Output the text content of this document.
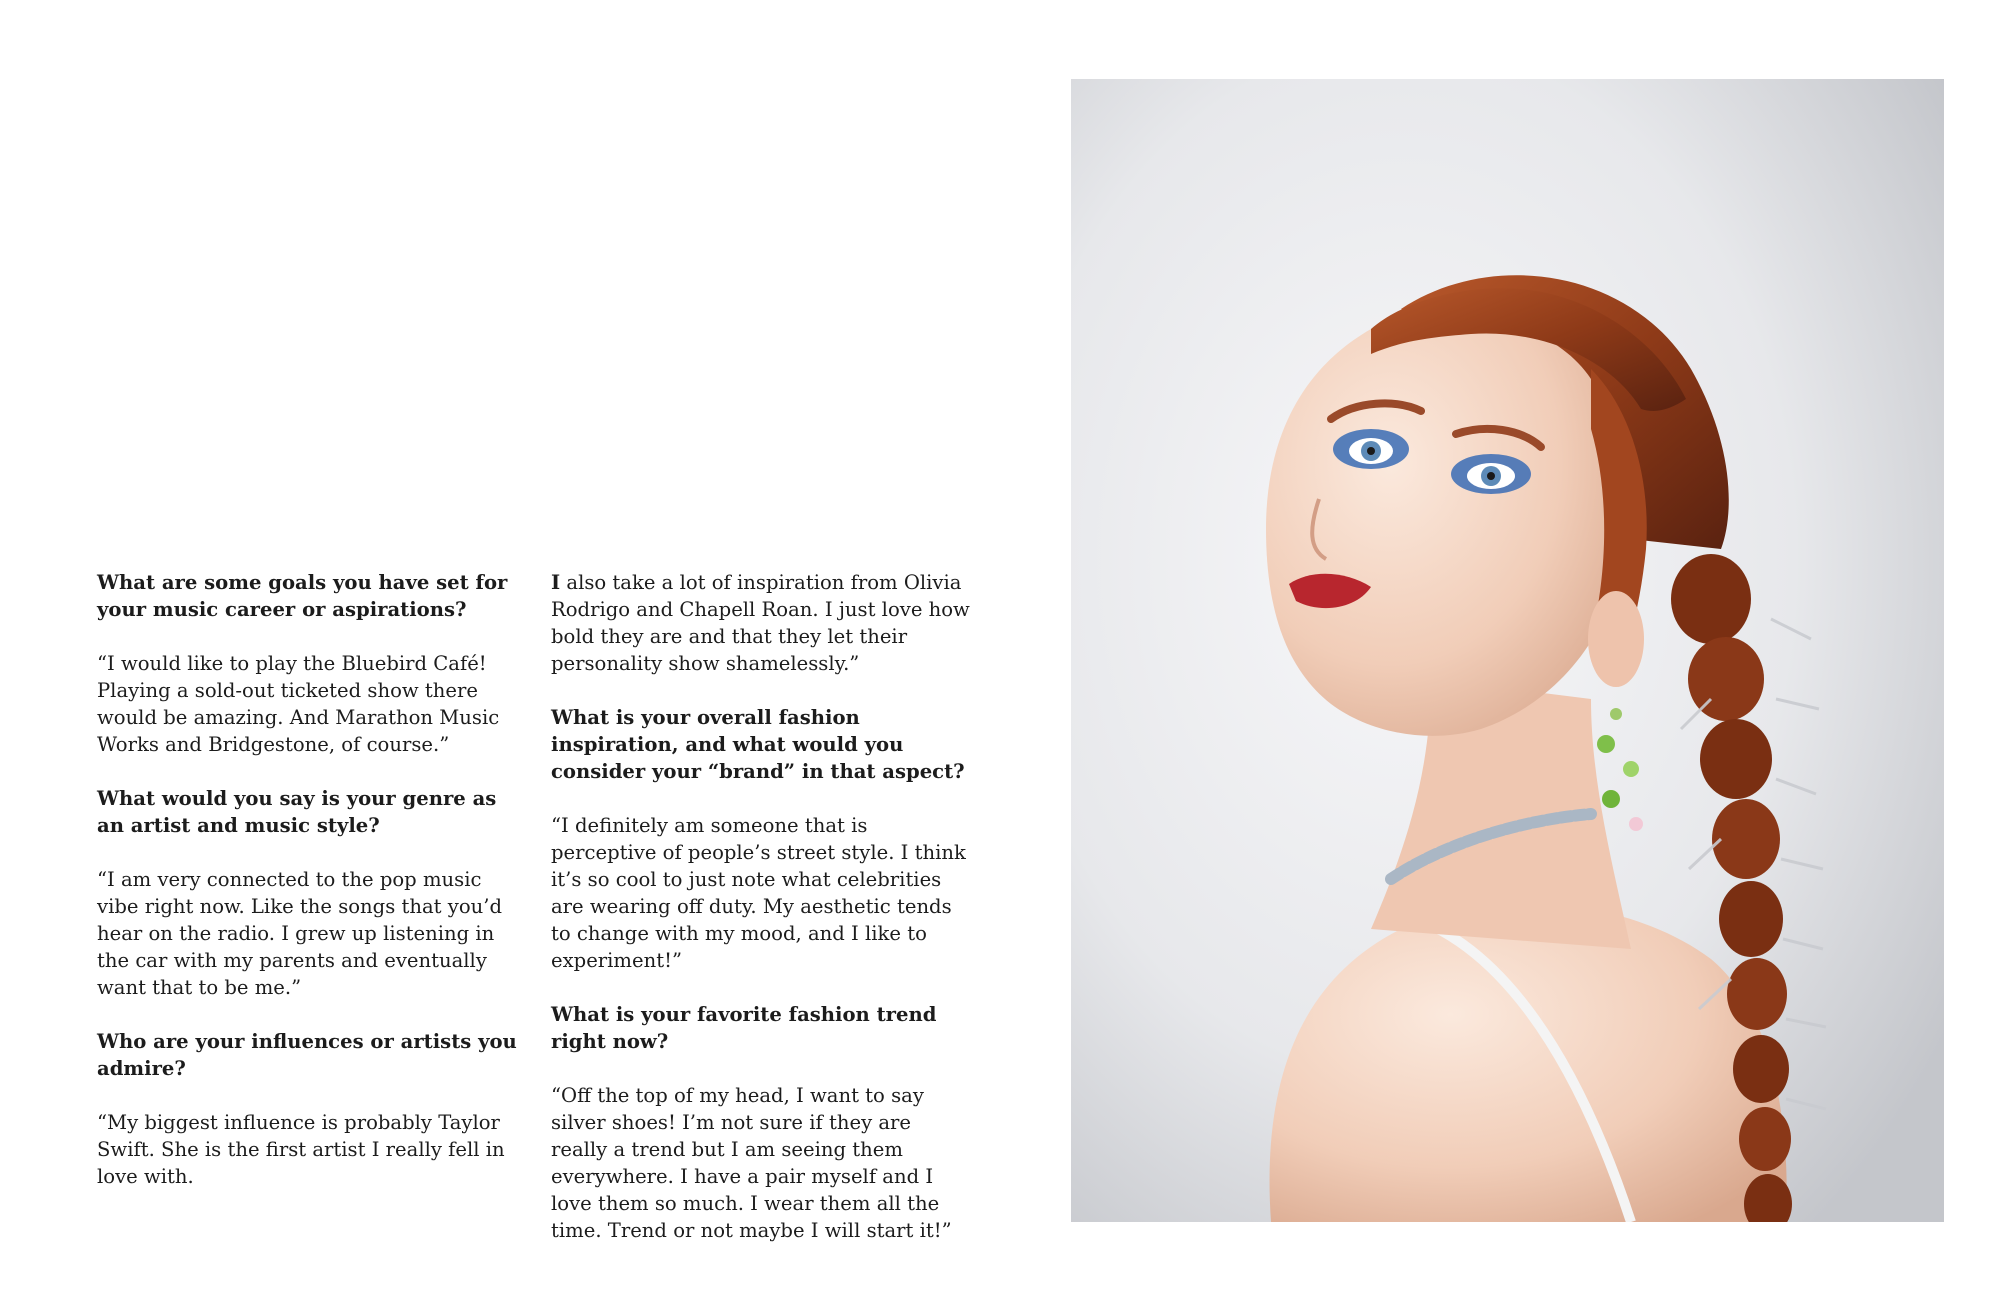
What are some goals you have set for your music career or aspirations?

“I would like to play the Bluebird Café! Playing a sold-out ticketed show there would be amazing. And Marathon Music Works and Bridgestone, of course.”

What would you say is your genre as an artist and music style?

“I am very connected to the pop music vibe right now. Like the songs that you’d hear on the radio. I grew up listening in the car with my parents and eventually want that to be me.”

Who are your influences or artists you admire?

“My biggest influence is probably Taylor Swift. She is the first artist I really fell in love with.

I also take a lot of inspiration from Olivia Rodrigo and Chapell Roan. I just love how bold they are and that they let their personality show shamelessly.”

What is your overall fashion inspiration, and what would you consider your “brand” in that aspect?

“I definitely am someone that is perceptive of people’s street style. I think it’s so cool to just note what celebrities are wearing off duty. My aesthetic tends to change with my mood, and I like to experiment!”

What is your favorite fashion trend right now?

“Off the top of my head, I want to say silver shoes! I’m not sure if they are really a trend but I am seeing them everywhere. I have a pair myself and I love them so much. I wear them all the time. Trend or not maybe I will start it!”
